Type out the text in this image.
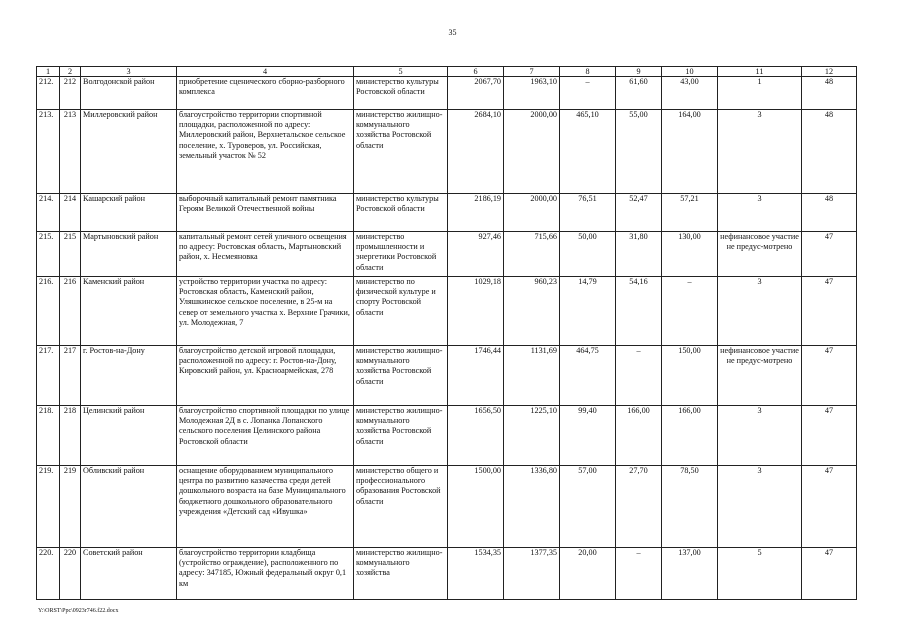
35
1	2	3	4	5	6	7	8	9	10	11	12
212.	212	Волгодонской район	приобретение сценического сборно-разборного комплекса	министерство культуры Ростовской области	2067,70	1963,10	–	61,60	43,00	1	48
213.	213	Миллеровский район	благоустройство территории спортивной площадки, расположенной по адресу: Миллеровский район, Верхнетальское сельское поселение, х. Туроверов, ул. Российская, земельный участок № 52	министерство жилищно-коммунального хозяйства Ростовской области	2684,10	2000,00	465,10	55,00	164,00	3	48
214.	214	Кашарский район	выборочный капитальный ремонт памятника Героям Великой Отечественной войны	министерство культуры Ростовской области	2186,19	2000,00	76,51	52,47	57,21	3	48
215.	215	Мартыновский район	капитальный ремонт сетей уличного освещения по адресу: Ростовская область, Мартыновский район, х. Несмеяновка	министерство промышленности и энергетики Ростовской области	927,46	715,66	50,00	31,80	130,00	нефинансовое участие не предус-мотрено	47
216.	216	Каменский район	устройство территории участка по адресу: Ростовская область, Каменский район, Уляшкинское сельское поселение, в 25-м на север от земельного участка х. Верхние Грачики, ул. Молодежная, 7	министерство по физической культуре и спорту Ростовской области	1029,18	960,23	14,79	54,16	–	3	47
217.	217	г. Ростов-на-Дону	благоустройство детской игровой площадки, расположенной по адресу: г. Ростов-на-Дону, Кировский район, ул. Красноармейская, 278	министерство жилищно-коммунального хозяйства Ростовской области	1746,44	1131,69	464,75	–	150,00	нефинансовое участие не предус-мотрено	47
218.	218	Целинский район	благоустройство спортивной площадки по улице Молодежная 2Д в с. Лопанка Лопанского сельского поселения Целинского района Ростовской области	министерство жилищно-коммунального хозяйства Ростовской области	1656,50	1225,10	99,40	166,00	166,00	3	47
219.	219	Обливский район	оснащение оборудованием муниципального центра по развитию казачества среди детей дошкольного возраста на базе Муниципального бюджетного дошкольного образовательного учреждения «Детский сад «Ивушка»	министерство общего и профессионального образования Ростовской области	1500,00	1336,80	57,00	27,70	78,50	3	47
220.	220	Советский район	благоустройство территории кладбища (устройство ограждение), расположенного по адресу: 347185, Южный федеральный округ 0,1 км	министерство жилищно-коммунального хозяйства	1534,35	1377,35	20,00	–	137,00	5	47
Y:\ORST\Ppc\0923r746.f22.docx
